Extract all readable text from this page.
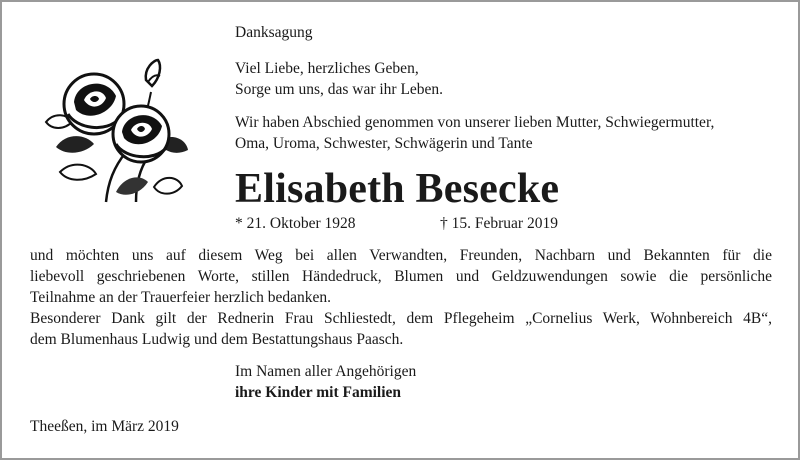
Danksagung
Viel Liebe, herzliches Geben,
Sorge um uns, das war ihr Leben.
Wir haben Abschied genommen von unserer lieben Mutter, Schwiegermutter,
Oma, Uroma, Schwester, Schwägerin und Tante
Elisabeth Besecke
* 21. Oktober 1928	† 15. Februar 2019
und möchten uns auf diesem Weg bei allen Verwandten, Freunden, Nachbarn und Bekannten für die
liebevoll geschriebenen Worte, stillen Händedruck, Blumen und Geldzuwendungen sowie die persönliche
Teilnahme an der Trauerfeier herzlich bedanken.
Besonderer Dank gilt der Rednerin Frau Schliestedt, dem Pflegeheim „Cornelius Werk, Wohnbereich 4B“,
dem Blumenhaus Ludwig und dem Bestattungshaus Paasch.
Im Namen aller Angehörigen
ihre Kinder mit Familien
Theeßen, im März 2019
